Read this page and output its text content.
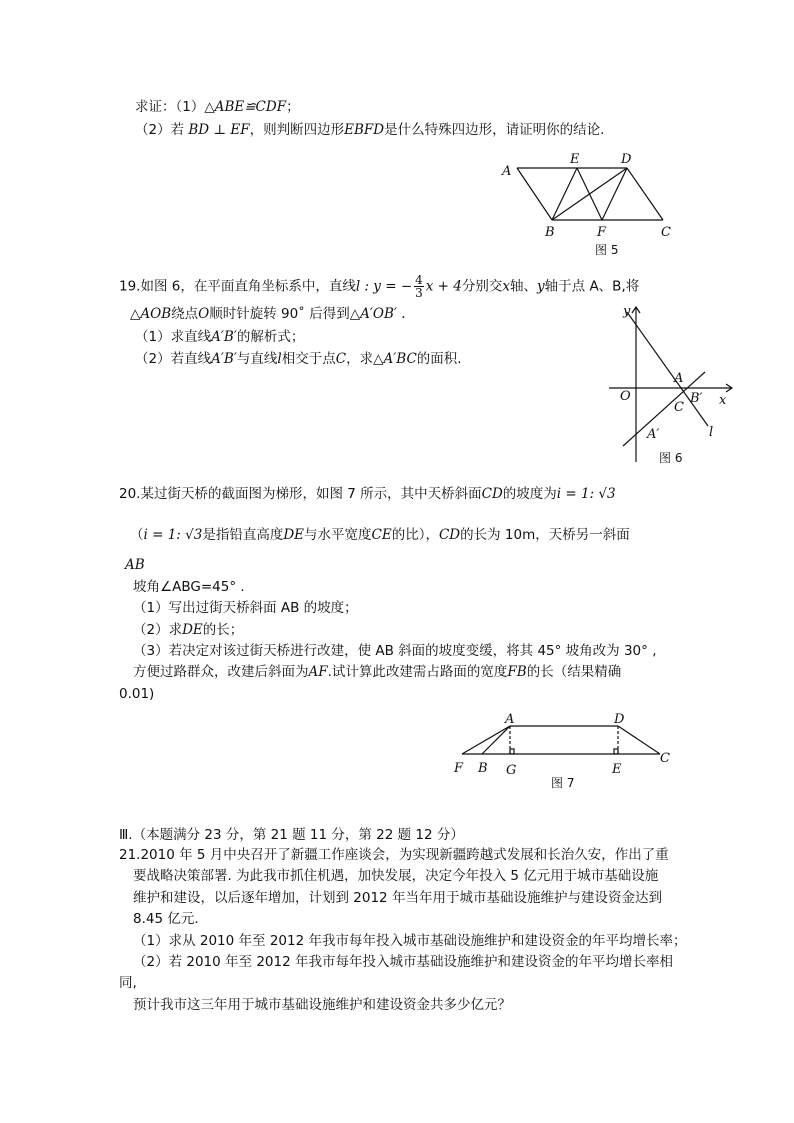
求证：（1）△ABE≌CDF；
（2）若 BD ⊥ EF，则判断四边形EBFD是什么特殊四边形，请证明你的结论.
A
E	D
B	F	C
图 5
19.如图 6，在平面直角坐标系中，直线l : y = − $\frac{4}{3}$ x + 4分别交x轴、y轴于点 A、B,将
△AOB绕点O顺时针旋转 90˚ 后得到△A′OB′ .
（1）求直线A′B′的解析式；
（2）若直线A′B′与直线l相交于点C，求△A′BC的面积.
y
O
A
B′
C	x
A′	l
图 6
20.某过街天桥的截面图为梯形，如图 7 所示，其中天桥斜面CD的坡度为i = 1: √3
（i = 1: √3是指铅直高度DE与水平宽度CE的比），CD的长为 10m，天桥另一斜面
AB
坡角∠ABG=45° .
（1）写出过街天桥斜面 AB 的坡度；
（2）求DE的长；
（3）若决定对该过街天桥进行改建，使 AB 斜面的坡度变缓，将其 45° 坡角改为 30° ,
方便过路群众，改建后斜面为AF.试计算此改建需占路面的宽度FB的长（结果精确
0.01)
A	D
F B G	E
C
图 7
Ⅲ.（本题满分 23 分，第 21 题 11 分，第 22 题 12 分）
21.2010 年 5 月中央召开了新疆工作座谈会，为实现新疆跨越式发展和长治久安，作出了重
要战略决策部署. 为此我市抓住机遇，加快发展，决定今年投入 5 亿元用于城市基础设施
维护和建设，以后逐年增加，计划到 2012 年当年用于城市基础设施维护与建设资金达到
8.45 亿元.
（1）求从 2010 年至 2012 年我市每年投入城市基础设施维护和建设资金的年平均增长率；
（2）若 2010 年至 2012 年我市每年投入城市基础设施维护和建设资金的年平均增长率相
同,
预计我市这三年用于城市基础设施维护和建设资金共多少亿元？
